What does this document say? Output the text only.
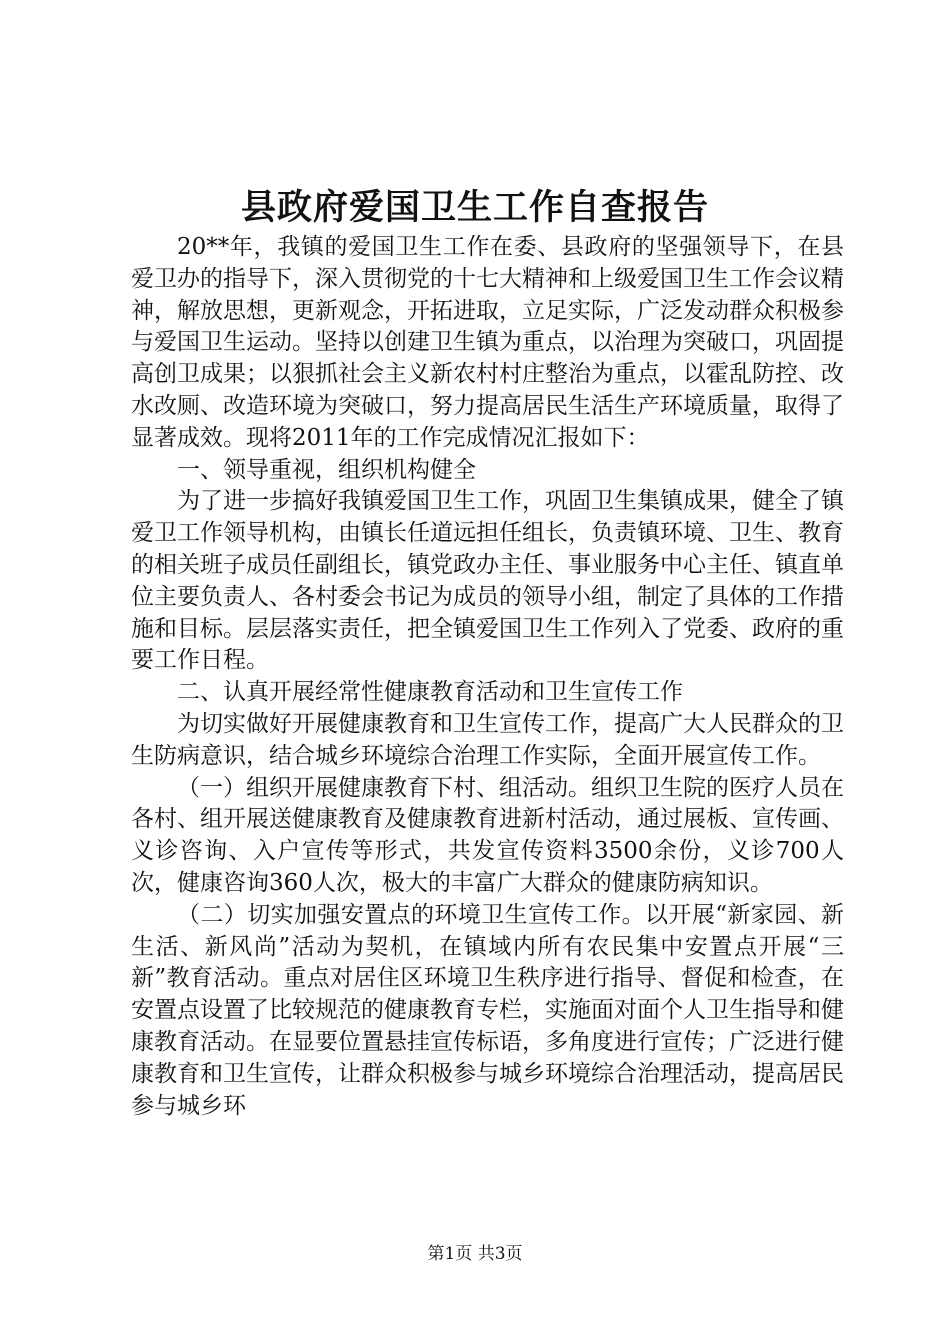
县政府爱国卫生工作自查报告

20**年，我镇的爱国卫生工作在委、县政府的坚强领导下，在县爱卫办的指导下，深入贯彻党的十七大精神和上级爱国卫生工作会议精神，解放思想，更新观念，开拓进取，立足实际，广泛发动群众积极参与爱国卫生运动。坚持以创建卫生镇为重点，以治理为突破口，巩固提高创卫成果；以狠抓社会主义新农村村庄整治为重点，以霍乱防控、改水改厕、改造环境为突破口，努力提高居民生活生产环境质量，取得了显著成效。现将2011年的工作完成情况汇报如下：

一、领导重视，组织机构健全

为了进一步搞好我镇爱国卫生工作，巩固卫生集镇成果，健全了镇爱卫工作领导机构，由镇长任道远担任组长，负责镇环境、卫生、教育的相关班子成员任副组长，镇党政办主任、事业服务中心主任、镇直单位主要负责人、各村委会书记为成员的领导小组，制定了具体的工作措施和目标。层层落实责任，把全镇爱国卫生工作列入了党委、政府的重要工作日程。

二、认真开展经常性健康教育活动和卫生宣传工作

为切实做好开展健康教育和卫生宣传工作，提高广大人民群众的卫生防病意识，结合城乡环境综合治理工作实际，全面开展宣传工作。

（一）组织开展健康教育下村、组活动。组织卫生院的医疗人员在各村、组开展送健康教育及健康教育进新村活动，通过展板、宣传画、义诊咨询、入户宣传等形式，共发宣传资料3500余份，义诊700人次，健康咨询360人次，极大的丰富广大群众的健康防病知识。

（二）切实加强安置点的环境卫生宣传工作。以开展“新家园、新生活、新风尚”活动为契机，在镇域内所有农民集中安置点开展“三新”教育活动。重点对居住区环境卫生秩序进行指导、督促和检查，在安置点设置了比较规范的健康教育专栏，实施面对面个人卫生指导和健康教育活动。在显要位置悬挂宣传标语，多角度进行宣传；广泛进行健康教育和卫生宣传，让群众积极参与城乡环境综合治理活动，提高居民参与城乡环

第1页 共3页
